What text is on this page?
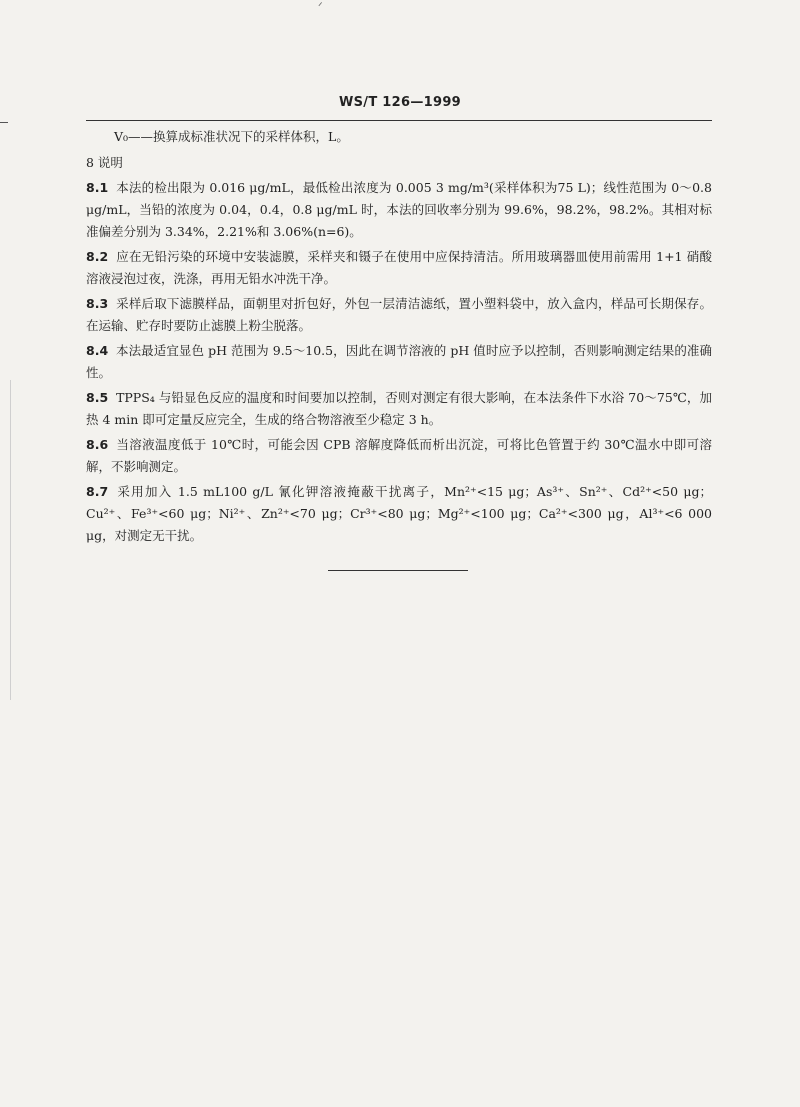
ᐟ
WS/T 126—1999
V₀——换算成标准状况下的采样体积，L。
8 说明
8.1 本法的检出限为 0.016 μg/mL，最低检出浓度为 0.005 3 mg/m³(采样体积为75 L)；线性范围为 0～0.8 μg/mL，当铅的浓度为 0.04，0.4，0.8 μg/mL 时，本法的回收率分别为 99.6%，98.2%，98.2%。其相对标准偏差分别为 3.34%，2.21%和 3.06%(n=6)。
8.2 应在无铅污染的环境中安装滤膜，采样夹和镊子在使用中应保持清洁。所用玻璃器皿使用前需用 1+1 硝酸溶液浸泡过夜，洗涤，再用无铅水冲洗干净。
8.3 采样后取下滤膜样品，面朝里对折包好，外包一层清洁滤纸，置小塑料袋中，放入盒内，样品可长期保存。在运输、贮存时要防止滤膜上粉尘脱落。
8.4 本法最适宜显色 pH 范围为 9.5～10.5，因此在调节溶液的 pH 值时应予以控制，否则影响测定结果的准确性。
8.5 TPPS₄ 与铅显色反应的温度和时间要加以控制，否则对测定有很大影响，在本法条件下水浴 70～75℃，加热 4 min 即可定量反应完全，生成的络合物溶液至少稳定 3 h。
8.6 当溶液温度低于 10℃时，可能会因 CPB 溶解度降低而析出沉淀，可将比色管置于约 30℃温水中即可溶解，不影响测定。
8.7 采用加入 1.5 mL100 g/L 氰化钾溶液掩蔽干扰离子，Mn²⁺<15 μg；As³⁺、Sn²⁺、Cd²⁺<50 μg；Cu²⁺、Fe³⁺<60 μg；Ni²⁺、Zn²⁺<70 μg；Cr³⁺<80 μg；Mg²⁺<100 μg；Ca²⁺<300 μg，Al³⁺<6 000 μg，对测定无干扰。
